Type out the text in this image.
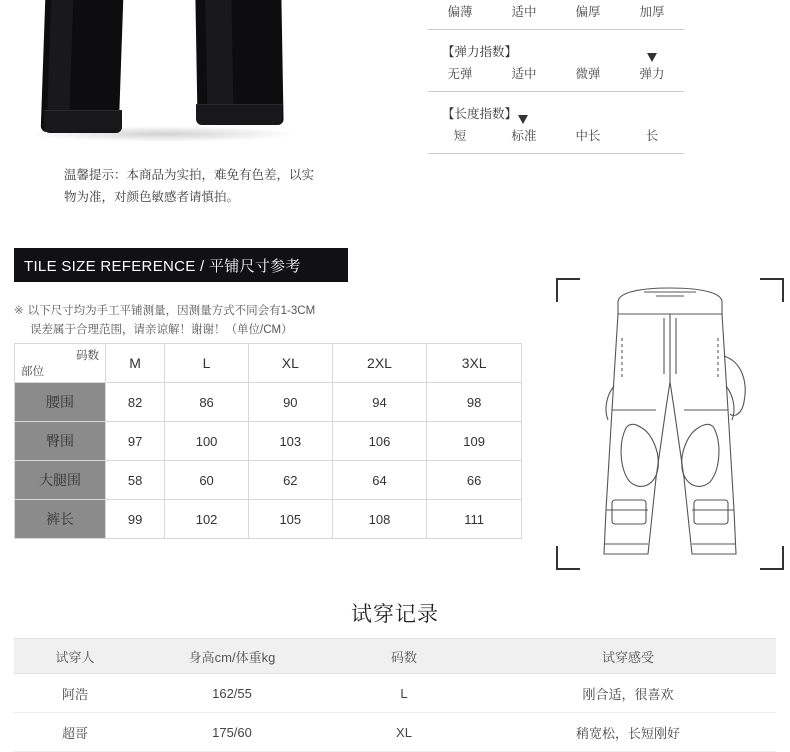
温馨提示：本商品为实拍，难免有色差，以实物为准，对颜色敏感者请慎拍。
偏薄	适中	偏厚	加厚
【弹力指数】
无弹	适中	微弹	弹力
【长度指数】
短	标准	中长	长
TILE SIZE REFERENCE / 平铺尺寸参考
※ 以下尺寸均为手工平铺测量，因测量方式不同会有1-3CM
误差属于合理范围，请亲谅解！谢谢！（单位/CM）
码数
部位	M	L	XL	2XL	3XL
腰围	82	86	90	94	98
臀围	97	100	103	106	109
大腿围	58	60	62	64	66
裤长	99	102	105	108	111
试穿记录
试穿人	身高cm/体重kg	码数	试穿感受
阿浩	162/55	L	刚合适，很喜欢
超哥	175/60	XL	稍宽松，长短刚好
